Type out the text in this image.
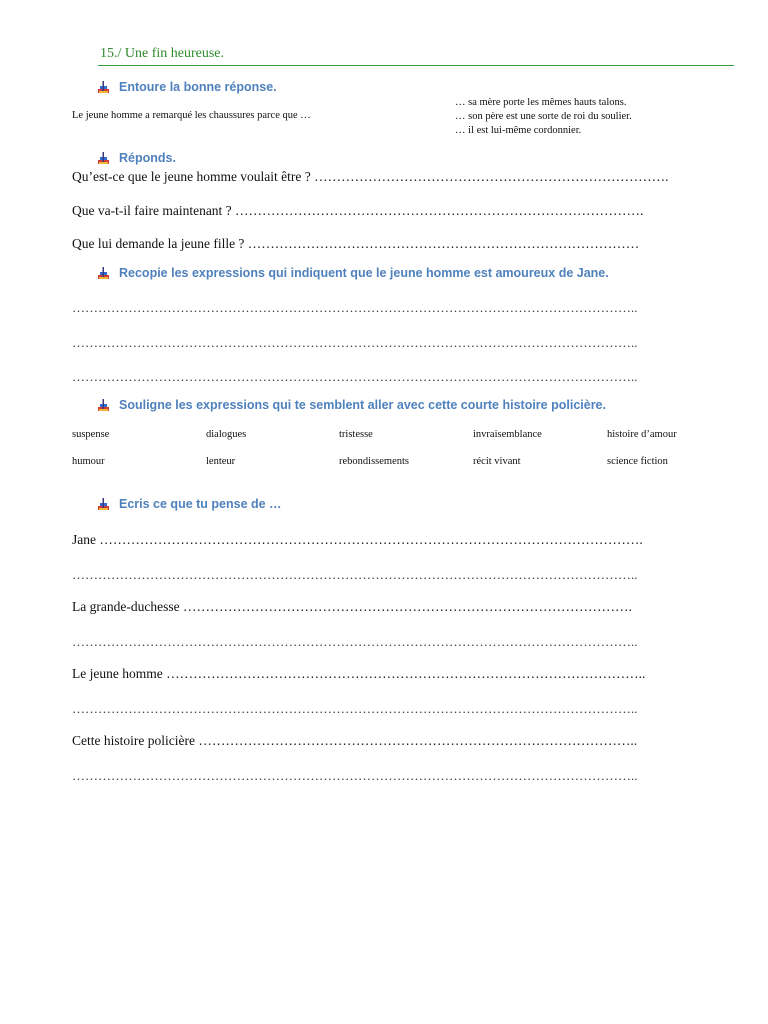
15./ Une fin heureuse.
Entoure la bonne réponse.
Le jeune homme a remarqué les chaussures parce que …
… sa mère porte les mêmes hauts talons.
… son père est une sorte de roi du soulier.
… il est lui-même cordonnier.
Réponds.
Qu’est-ce que le jeune homme voulait être ? …………………………………………………………………….
Que va-t-il faire maintenant ? ……………………………………………………………………………….
Que lui demande la jeune fille ? ……………………………………………………………………………
Recopie les expressions qui indiquent que le jeune homme est amoureux de Jane.
…………………………………………………………………………………………………………………..
…………………………………………………………………………………………………………………..
…………………………………………………………………………………………………………………..
Souligne les expressions qui te semblent aller avec cette courte histoire policière.
suspense	dialogues	tristesse	invraisemblance	histoire d’amour
humour	lenteur	rebondissements	récit vivant	science fiction
Ecris ce que tu pense de …
Jane ………………………………………………………………………………………………………….
…………………………………………………………………………………………………………………..
La grande-duchesse ……………………………………………………………………………………….
…………………………………………………………………………………………………………………..
Le jeune homme ……………………………………………………………………………………………..
…………………………………………………………………………………………………………………..
Cette histoire policière ……………………………………………………………………………………..
…………………………………………………………………………………………………………………..
